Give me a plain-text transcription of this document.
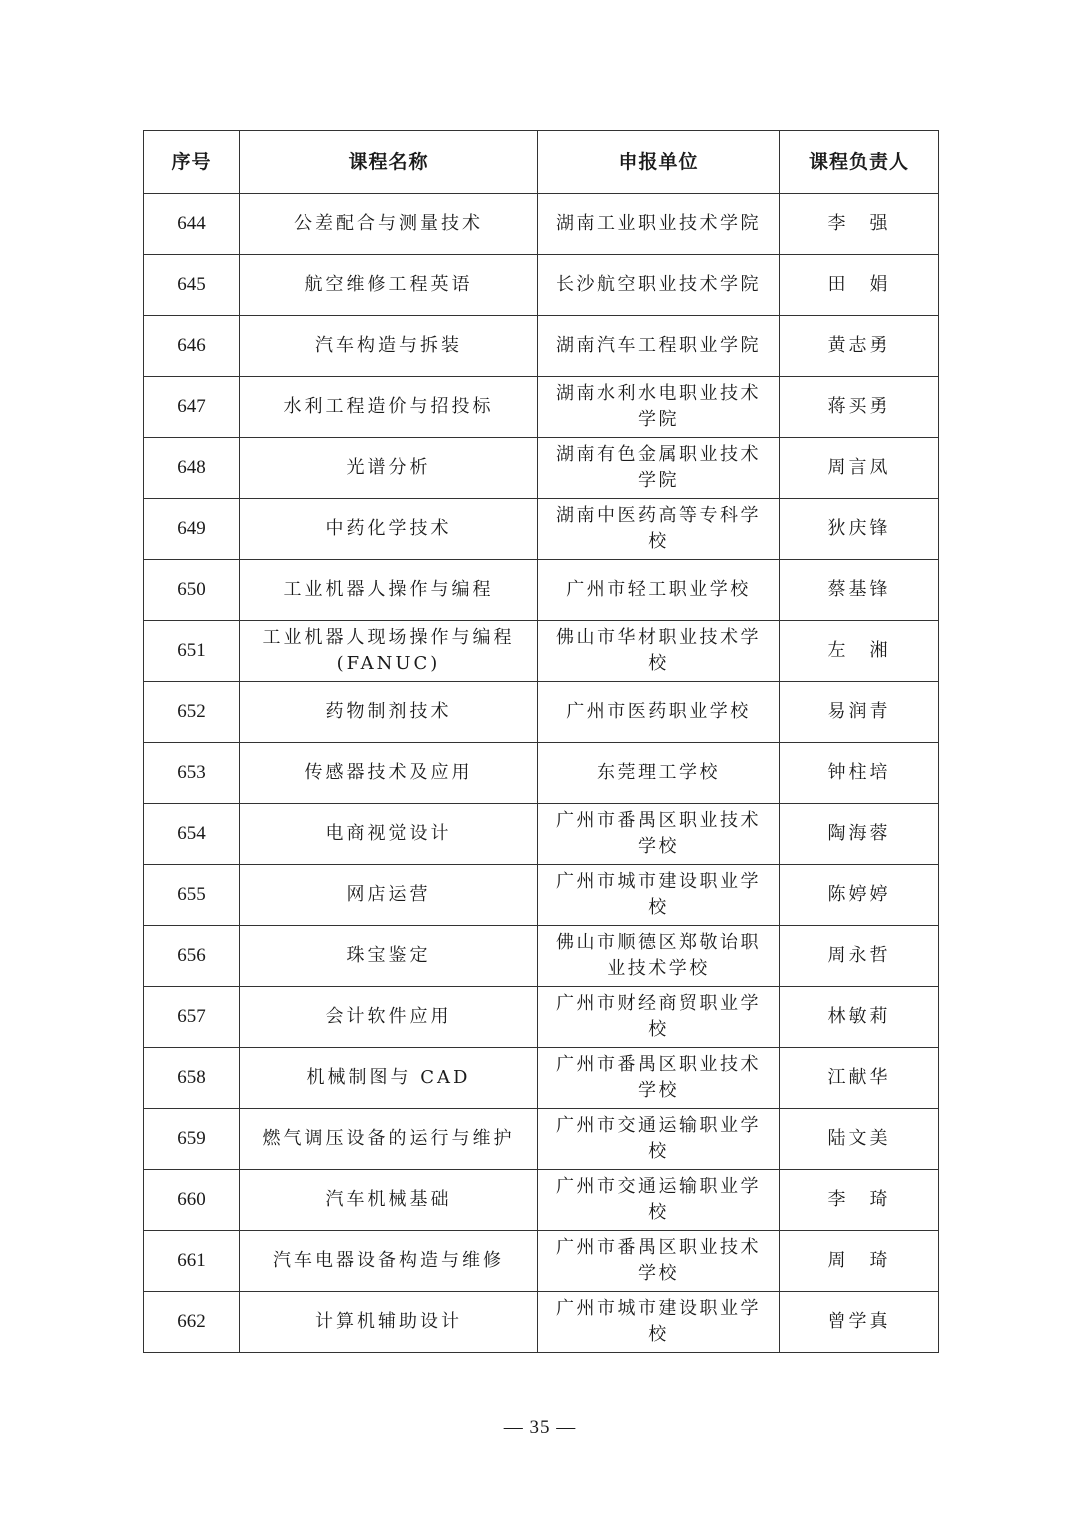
序号	课程名称	申报单位	课程负责人
644	公差配合与测量技术	湖南工业职业技术学院	李　强
645	航空维修工程英语	长沙航空职业技术学院	田　娟
646	汽车构造与拆装	湖南汽车工程职业学院	黄志勇
647	水利工程造价与招投标	湖南水利水电职业技术学院	蒋买勇
648	光谱分析	湖南有色金属职业技术学院	周言凤
649	中药化学技术	湖南中医药高等专科学校	狄庆锋
650	工业机器人操作与编程	广州市轻工职业学校	蔡基锋
651	工业机器人现场操作与编程(FANUC)	佛山市华材职业技术学校	左　湘
652	药物制剂技术	广州市医药职业学校	易润青
653	传感器技术及应用	东莞理工学校	钟柱培
654	电商视觉设计	广州市番禺区职业技术学校	陶海蓉
655	网店运营	广州市城市建设职业学校	陈婷婷
656	珠宝鉴定	佛山市顺德区郑敬诒职业技术学校	周永哲
657	会计软件应用	广州市财经商贸职业学校	林敏莉
658	机械制图与 CAD	广州市番禺区职业技术学校	江献华
659	燃气调压设备的运行与维护	广州市交通运输职业学校	陆文美
660	汽车机械基础	广州市交通运输职业学校	李　琦
661	汽车电器设备构造与维修	广州市番禺区职业技术学校	周　琦
662	计算机辅助设计	广州市城市建设职业学校	曾学真
— 35 —
